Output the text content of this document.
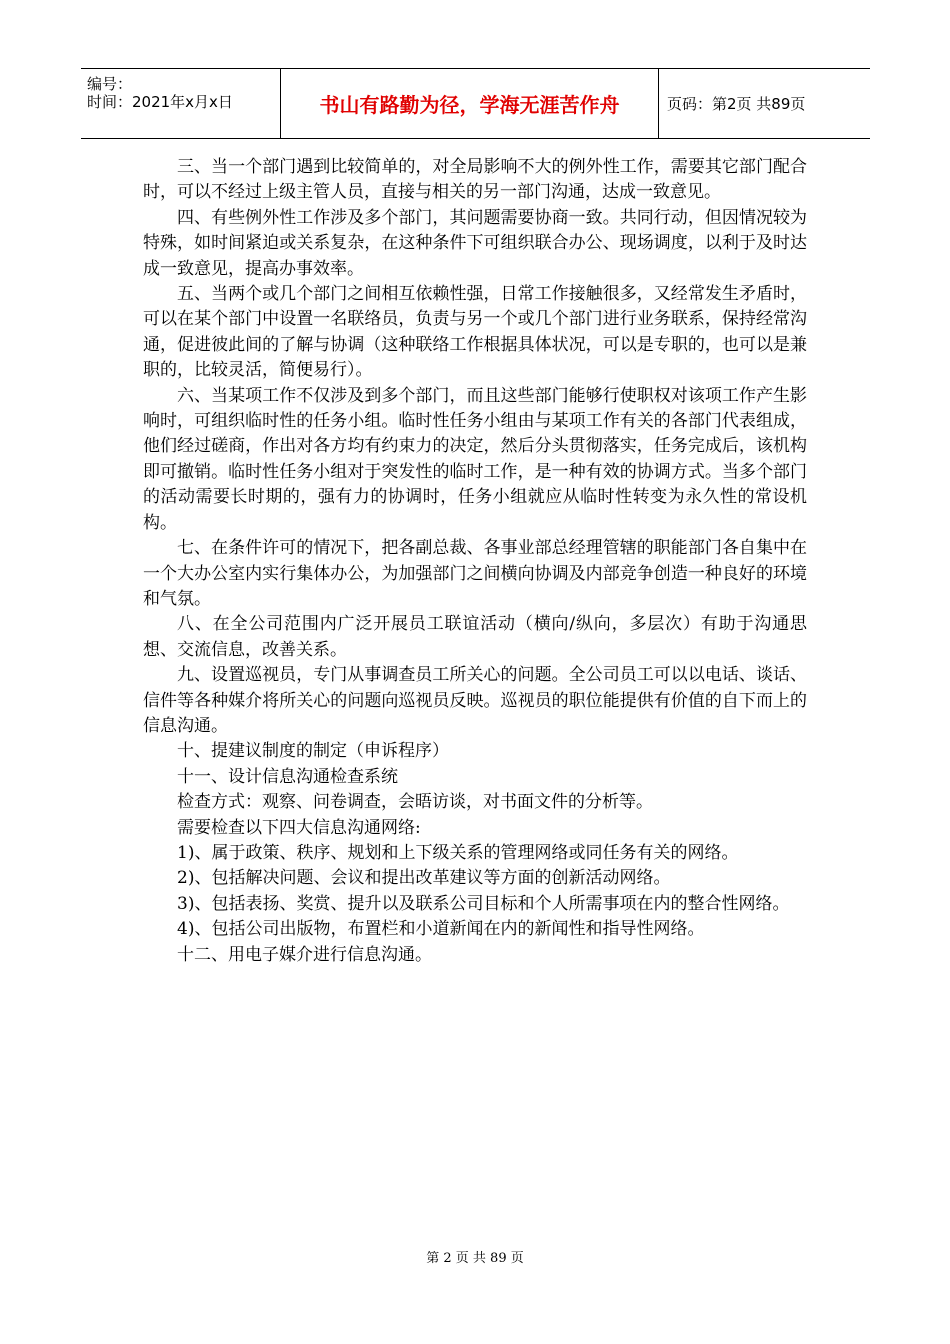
编号：
时间：2021年x月x日	书山有路勤为径，学海无涯苦作舟	页码：第2页 共89页

三、当一个部门遇到比较简单的，对全局影响不大的例外性工作，需要其它部门配合时，可以不经过上级主管人员，直接与相关的另一部门沟通，达成一致意见。

四、有些例外性工作涉及多个部门，其问题需要协商一致。共同行动，但因情况较为特殊，如时间紧迫或关系复杂，在这种条件下可组织联合办公、现场调度，以利于及时达成一致意见，提高办事效率。

五、当两个或几个部门之间相互依赖性强，日常工作接触很多，又经常发生矛盾时，可以在某个部门中设置一名联络员，负责与另一个或几个部门进行业务联系，保持经常沟通，促进彼此间的了解与协调（这种联络工作根据具体状况，可以是专职的，也可以是兼职的，比较灵活，简便易行）。

六、当某项工作不仅涉及到多个部门，而且这些部门能够行使职权对该项工作产生影响时，可组织临时性的任务小组。临时性任务小组由与某项工作有关的各部门代表组成，他们经过磋商，作出对各方均有约束力的决定，然后分头贯彻落实，任务完成后，该机构即可撤销。临时性任务小组对于突发性的临时工作，是一种有效的协调方式。当多个部门的活动需要长时期的，强有力的协调时，任务小组就应从临时性转变为永久性的常设机构。

七、在条件许可的情况下，把各副总裁、各事业部总经理管辖的职能部门各自集中在一个大办公室内实行集体办公，为加强部门之间横向协调及内部竞争创造一种良好的环境和气氛。

八、在全公司范围内广泛开展员工联谊活动（横向/纵向，多层次）有助于沟通思想、交流信息，改善关系。

九、设置巡视员，专门从事调查员工所关心的问题。全公司员工可以以电话、谈话、信件等各种媒介将所关心的问题向巡视员反映。巡视员的职位能提供有价值的自下而上的信息沟通。

十、提建议制度的制定（申诉程序）

十一、设计信息沟通检查系统

检查方式：观察、问卷调查，会晤访谈，对书面文件的分析等。

需要检查以下四大信息沟通网络:

1)、属于政策、秩序、规划和上下级关系的管理网络或同任务有关的网络。

2)、包括解决问题、会议和提出改革建议等方面的创新活动网络。

3)、包括表扬、奖赏、提升以及联系公司目标和个人所需事项在内的整合性网络。

4)、包括公司出版物，布置栏和小道新闻在内的新闻性和指导性网络。

十二、用电子媒介进行信息沟通。

第 2 页 共 89 页
